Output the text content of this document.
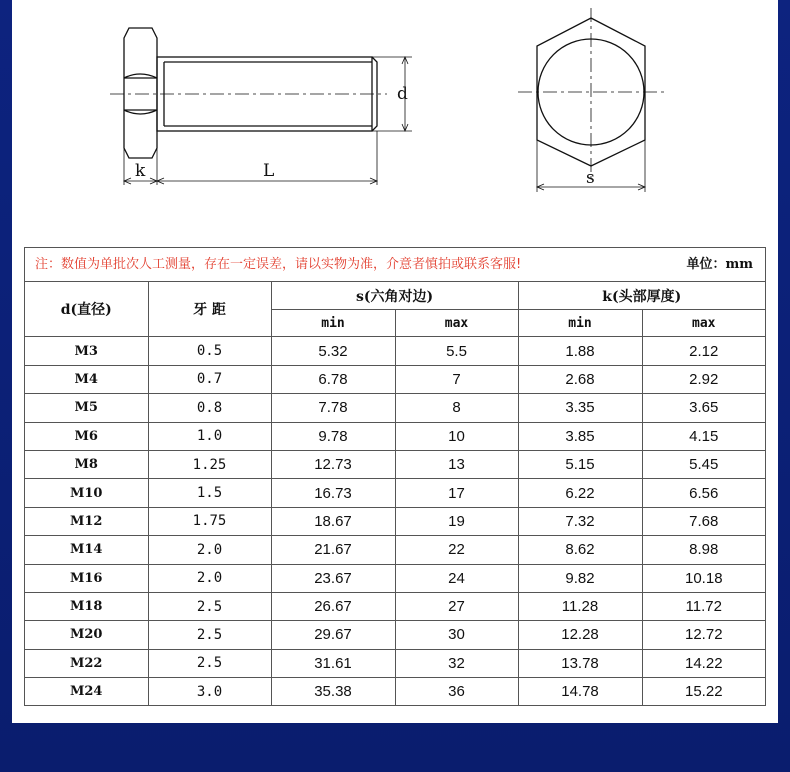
d
k	L	s
注：数值为单批次人工测量，存在一定误差，请以实物为准，介意者慎拍或联系客服!	单位：mm
d(直径)	牙 距	s(六角对边)		k(头部厚度)	
		min	max	min	max
M3	0.5	5.32	5.5	1.88	2.12
M4	0.7	6.78	7	2.68	2.92
M5	0.8	7.78	8	3.35	3.65
M6	1.0	9.78	10	3.85	4.15
M8	1.25	12.73	13	5.15	5.45
M10	1.5	16.73	17	6.22	6.56
M12	1.75	18.67	19	7.32	7.68
M14	2.0	21.67	22	8.62	8.98
M16	2.0	23.67	24	9.82	10.18
M18	2.5	26.67	27	11.28	11.72
M20	2.5	29.67	30	12.28	12.72
M22	2.5	31.61	32	13.78	14.22
M24	3.0	35.38	36	14.78	15.22
